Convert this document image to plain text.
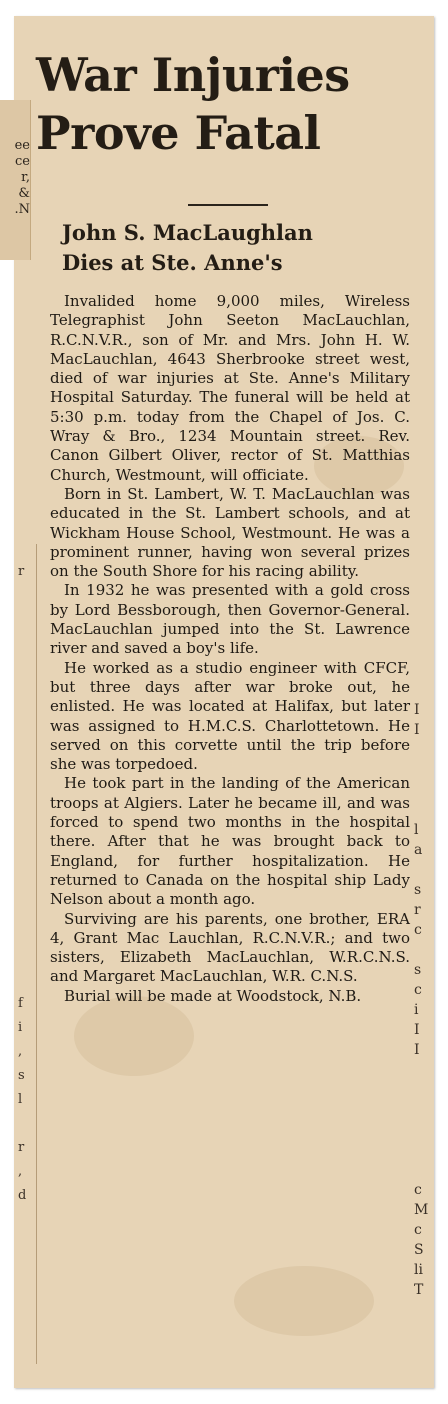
ee
ce
r,
&
.N
War Injuries
Prove Fatal
John S. MacLaughlan
Dies at Ste. Anne's

Invalided home 9,000 miles, Wireless Telegraphist John Seeton MacLauchlan, R.C.N.V.R., son of Mr. and Mrs. John H. W. MacLauchlan, 4643 Sherbrooke street west, died of war injuries at Ste. Anne's Military Hospital Saturday. The funeral will be held at 5:30 p.m. today from the Chapel of Jos. C. Wray & Bro., 1234 Mountain street. Rev. Canon Gilbert Oliver, rector of St. Matthias Church, Westmount, will officiate.

Born in St. Lambert, W. T. MacLauchlan was educated in the St. Lambert schools, and at Wickham House School, Westmount. He was a prominent runner, having won several prizes on the South Shore for his racing ability.

In 1932 he was presented with a gold cross by Lord Bessborough, then Governor-General. MacLauchlan jumped into the St. Lawrence river and saved a boy's life.

He worked as a studio engineer with CFCF, but three days after war broke out, he enlisted. He was located at Halifax, but later was assigned to H.M.C.S. Charlottetown. He served on this corvette until the trip before she was torpedoed.

He took part in the landing of the American troops at Algiers. Later he became ill, and was forced to spend two months in the hospital there. After that he was brought back to England, for further hospitalization. He returned to Canada on the hospital ship Lady Nelson about a month ago.

Surviving are his parents, one brother, ERA 4, Grant Mac Lauchlan, R.C.N.V.R.; and two sisters, Elizabeth MacLauchlan, W.R.C.N.S. and Margaret MacLauchlan, W.R. C.N.S.

Burial will be made at Woodstock, N.B.

r

f
i
,
s
l

r
,
d
I
I

l
a

s
r
c

s
c
i
I
I

c
M
c
S
li
T
